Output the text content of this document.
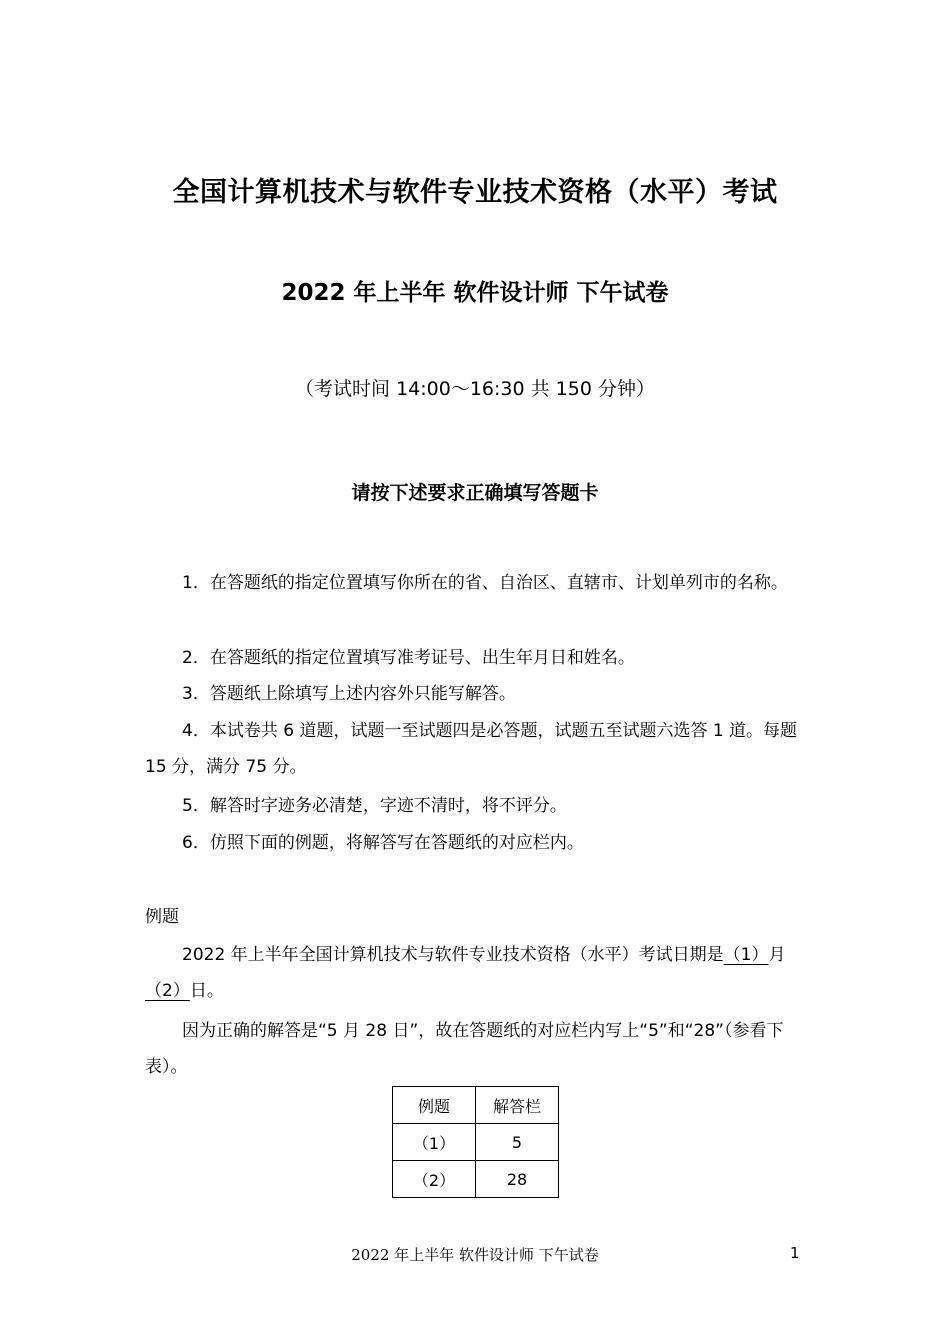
全国计算机技术与软件专业技术资格（水平）考试
2022 年上半年 软件设计师 下午试卷
（考试时间 14:00～16:30 共 150 分钟）
请按下述要求正确填写答题卡
1．在答题纸的指定位置填写你所在的省、自治区、直辖市、计划单列市的名称。
2．在答题纸的指定位置填写准考证号、出生年月日和姓名。
3．答题纸上除填写上述内容外只能写解答。
4．本试卷共 6 道题，试题一至试题四是必答题，试题五至试题六选答 1 道。每题 15 分，满分 75 分。
5．解答时字迹务必清楚，字迹不清时，将不评分。
6．仿照下面的例题，将解答写在答题纸的对应栏内。
例题
2022 年上半年全国计算机技术与软件专业技术资格（水平）考试日期是（1）月（2）日。
因为正确的解答是“5 月 28 日”，故在答题纸的对应栏内写上“5”和“28”（参看下表）。
例题	解答栏
（1）	5
（2）	28
2022 年上半年 软件设计师 下午试卷	1
